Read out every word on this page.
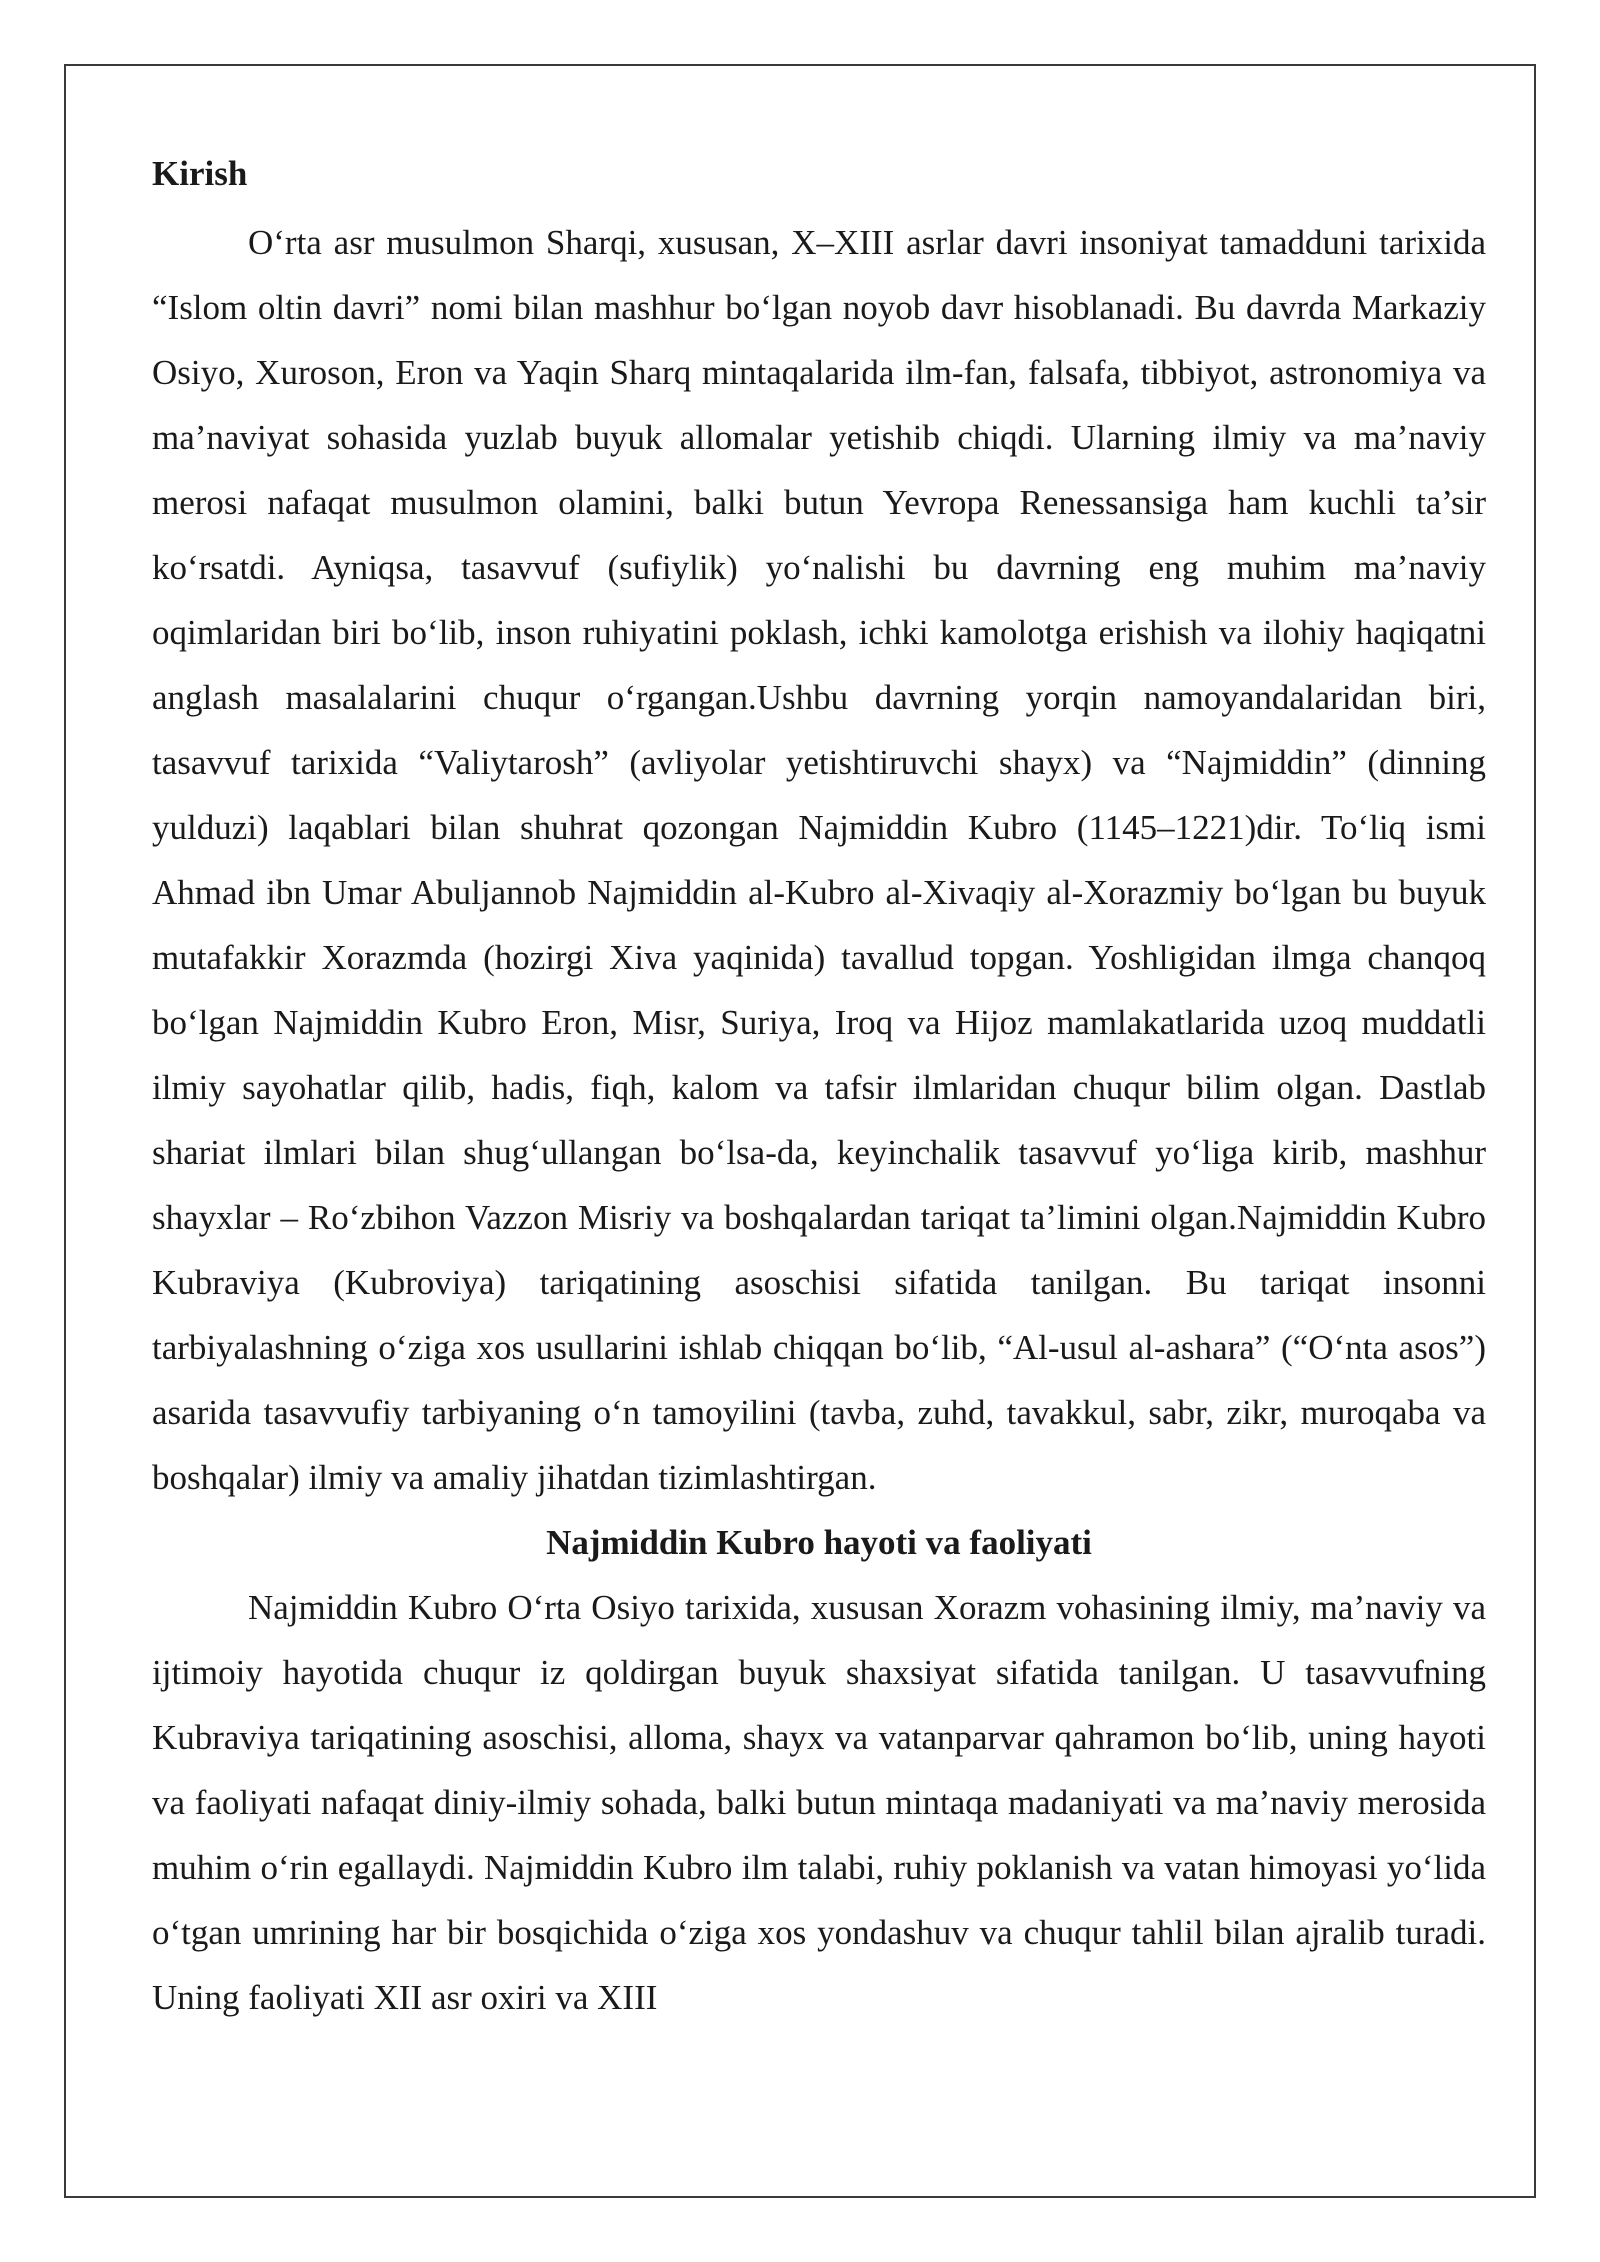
Kirish

O‘rta asr musulmon Sharqi, xususan, X–XIII asrlar davri insoniyat tamadduni tarixida “Islom oltin davri” nomi bilan mashhur bo‘lgan noyob davr hisoblanadi. Bu davrda Markaziy Osiyo, Xuroson, Eron va Yaqin Sharq mintaqalarida ilm-fan, falsafa, tibbiyot, astronomiya va ma’naviyat sohasida yuzlab buyuk allomalar yetishib chiqdi. Ularning ilmiy va ma’naviy merosi nafaqat musulmon olamini, balki butun Yevropa Renessansiga ham kuchli ta’sir ko‘rsatdi. Ayniqsa, tasavvuf (sufiylik) yo‘nalishi bu davrning eng muhim ma’naviy oqimlaridan biri bo‘lib, inson ruhiyatini poklash, ichki kamolotga erishish va ilohiy haqiqatni anglash masalalarini chuqur o‘rgangan.Ushbu davrning yorqin namoyandalaridan biri, tasavvuf tarixida “Valiytarosh” (avliyolar yetishtiruvchi shayx) va “Najmiddin” (dinning yulduzi) laqablari bilan shuhrat qozongan Najmiddin Kubro (1145–1221)dir. To‘liq ismi Ahmad ibn Umar Abuljannob Najmiddin al-Kubro al-Xivaqiy al-Xorazmiy bo‘lgan bu buyuk mutafakkir Xorazmda (hozirgi Xiva yaqinida) tavallud topgan. Yoshligidan ilmga chanqoq bo‘lgan Najmiddin Kubro Eron, Misr, Suriya, Iroq va Hijoz mamlakatlarida uzoq muddatli ilmiy sayohatlar qilib, hadis, fiqh, kalom va tafsir ilmlaridan chuqur bilim olgan. Dastlab shariat ilmlari bilan shug‘ullangan bo‘lsa-da, keyinchalik tasavvuf yo‘liga kirib, mashhur shayxlar – Ro‘zbihon Vazzon Misriy va boshqalardan tariqat ta’limini olgan.Najmiddin Kubro Kubraviya (Kubroviya) tariqatining asoschisi sifatida tanilgan. Bu tariqat insonni tarbiyalashning o‘ziga xos usullarini ishlab chiqqan bo‘lib, “Al-usul al-ashara” (“O‘nta asos”) asarida tasavvufiy tarbiyaning o‘n tamoyilini (tavba, zuhd, tavakkul, sabr, zikr, muroqaba va boshqalar) ilmiy va amaliy jihatdan tizimlashtirgan.

Najmiddin Kubro hayoti va faoliyati

Najmiddin Kubro O‘rta Osiyo tarixida, xususan Xorazm vohasining ilmiy, ma’naviy va ijtimoiy hayotida chuqur iz qoldirgan buyuk shaxsiyat sifatida tanilgan. U tasavvufning Kubraviya tariqatining asoschisi, alloma, shayx va vatanparvar qahramon bo‘lib, uning hayoti va faoliyati nafaqat diniy-ilmiy sohada, balki butun mintaqa madaniyati va ma’naviy merosida muhim o‘rin egallaydi. Najmiddin Kubro ilm talabi, ruhiy poklanish va vatan himoyasi yo‘lida o‘tgan umrining har bir bosqichida o‘ziga xos yondashuv va chuqur tahlil bilan ajralib turadi. Uning faoliyati XII asr oxiri va XIII
